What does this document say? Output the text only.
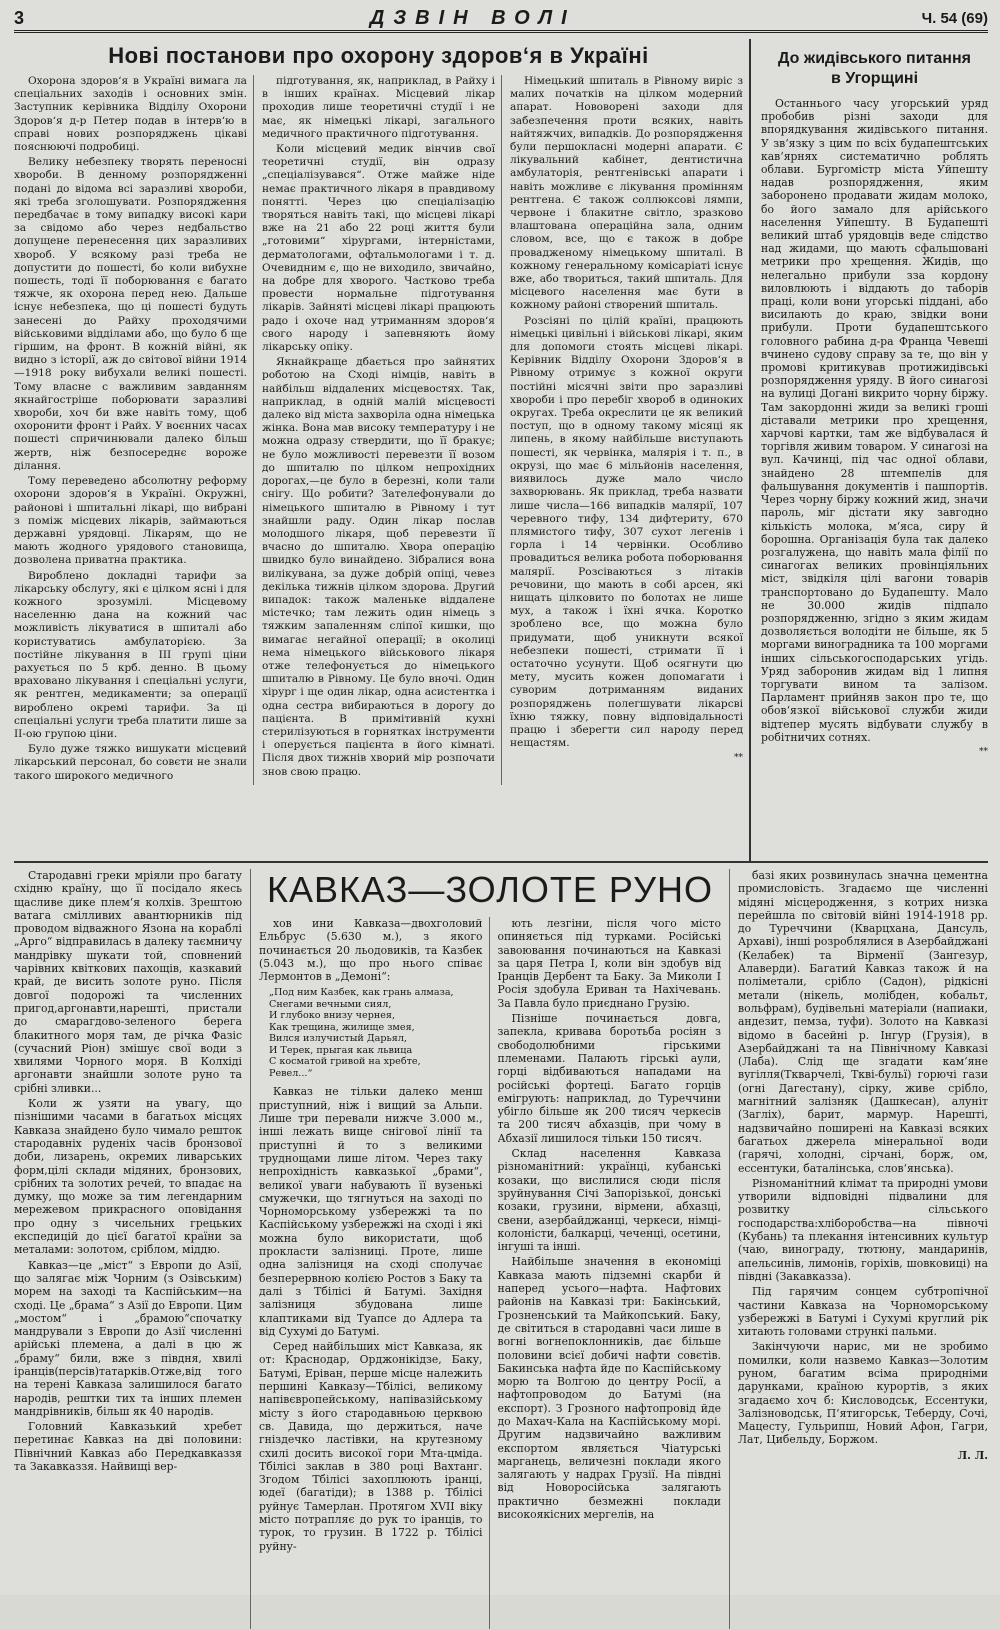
3	ДЗВІН ВОЛІ	Ч. 54 (69)
Нові постанови про охорону здоров‘я в Україні

Охорона здоров‘я в Україні вимага ла спеціальних заходів і основних змін. Заступник керівника Відділу Охорони Здоров‘я д-р Петер подав в інтерв‘ю в справі нових розпоряджень цікаві пояснюючі подробиці.

Велику небезпеку творять переносні хвороби. В денному розпорядженні подані до відома всі заразливі хвороби, які треба зголошувати. Розпорядження передбачає в тому випадку високі кари за свідомо або через недбальство допущене перенесення цих заразливих хвороб. У всякому разі треба не допустити до пошесті, бо коли вибухне пошесть, тоді її поборювання є багато тяжче, як охорона перед нею. Дальше існує небезпека, що ці пошесті будуть занесені до Райху проходячими військовими відділами або, що було б ще гіршим, на фронт. В кожній війні, як видно з історії, аж до світової війни 1914—1918 року вибухали великі пошесті. Тому власне с важливим завданням якнайгостріше поборювати заразливі хвороби, хоч би вже навіть тому, щоб охоронити фронт і Райх. У воєнних часах пошесті спричинювали далеко більш жертв, ніж безпосереднє вороже ділання.

Тому переведено абсолютну реформу охорони здоров‘я в Україні. Окружні, районові і шпитальні лікарі, що вибрані з поміж місцевих лікарів, займаються державні урядовці. Лікарям, що не мають жодного урядового становища, дозволена приватна практика.

Вироблено докладні тарифи за лікарську обслугу, які є цілком ясні і для кожного зрозумілі. Місцевому населенню дана на кожний час можливість лікуватися в шпиталі або користуватись амбулаторією. За постійне лікування в III групі ціни рахується по 5 крб. денно. В цьому враховано лікування і спеціальні услуги, як рентген, медикаменти; за операції вироблено окремі тарифи. За ці спеціальні услуги треба платити лише за II-ою групою ціни.

Було дуже тяжко вишукати місцевий лікарський персонал, бо совєти не знали такого широкого медичного

підготування, як, наприклад, в Райху і в інших країнах. Місцевий лікар проходив лише теоретичні студії і не має, як німецькі лікарі, загального медичного практичного підготування.

Коли місцевий медик вінчив свої теоретичні студії, він одразу „спеціалізувався“. Отже майже ніде немає практичного лікаря в правдивому понятті. Через цю спеціалізацію творяться навіть такі, що місцеві лікарі вже на 21 або 22 році життя були „готовими“ хірургами, інтерністами, дерматологами, офтальмологами і т. д. Очевидним є, що не виходило, звичайно, на добре для хворого. Частково треба провести нормальне підготування лікарів. Зайняті місцеві лікарі працюють радо і охоче над утриманням здоров‘я свого народу і запевняють йому лікарську опіку.

Якнайкраще дбається про зайнятих роботою на Сході німців, навіть в найбільш віддалених місцевостях. Так, наприклад, в одній малій місцевості далеко від міста захворіла одна німецька жінка. Вона мав високу температуру і не можна одразу ствердити, що її бракує; не було можливості перевезти її возом до шпиталю по цілком непрохідних дорогах,—це було в березні, коли тали снігу. Що робити? Зателефонували до німецького шпиталю в Рівному і тут знайшли раду. Один лікар послав молодшого лікаря, щоб перевезти її вчасно до шпиталю. Хвора операцію швидко було винайдено. Зібралися вона вилікувана, за дуже добрій опіці, чевез декілька тижнів цілком здорова. Другий випадок: також маленьке віддалене містечко; там лежить один німець з тяжким запаленням сліпої кишки, що вимагає негайної операції; в околиці нема німецького військового лікаря отже телефонується до німецького шпиталю в Рівному. Це було вночі. Один хірург і ще один лікар, одна асистентка і одна сестра вибираються в дорогу до пацієнта. В примітивній кухні стерилізуються в горнятках інструменти і оперується пацієнта в його кімнаті. Після двох тижнів хворий мір розпочати знов свою працю.

Німецький шпиталь в Рівному виріс з малих початків на цілком модерний апарат. Нововорені заходи для забезпечення проти всяких, навіть найтяжчих, випадків. До розпорядження були першокласні модерні апарати. Є лікувальний кабінет, дентистична амбулаторія, рентгенівські апарати і навіть можливе є лікування промінням рентгена. Є також соллюксові лямпи, червоне і блакитне світло, зразково влаштована операційна зала, одним словом, все, що є також в добре провадженому німецькому шпиталі. В кожному генеральному комісаріаті існує вже, або твориться, такий шпиталь. Для місцевого населення має бути в кожному районі створений шпиталь.

Розсіяні по цілій країні, працюють німецькі цивільні і військові лікарі, яким для допомоги стоять місцеві лікарі. Керівник Відділу Охорони Здоров‘я в Рівному отримує з кожної округи постійні місячні звіти про заразливі хвороби і про перебіг хвороб в одиноких округах. Треба окреслити це як великий поступ, що в одному такому місяці як липень, в якому найбільше виступають пошесті, як червінка, малярія і т. п., в окрузі, що має 6 мільйонів населення, виявилось дуже мало число захворювань. Як приклад, треба назвати лише числа—166 випадків малярії, 107 черевного тифу, 134 дифтериту, 670 плямистого тифу, 307 сухот легенів і горла і 14 червінки. Особливо провадиться велика робота поборювання малярії. Розсіваються з літаків речовини, що мають в собі арсен, які нищать цілковито по болотах не лише мух, а також і їхні ячка. Коротко зроблено все, що можна було придумати, щоб уникнути всякої небезпеки пошесті, стримати її і остаточно усунути. Щоб осягнути цю мету, мусить кожен допомагати і суворим дотриманням виданих розпоряджень полегшувати лікарсві їхню тяжку, повну відповідальності працю і зберегти сил народу перед нещастям.

**
До жидівського питання
в Угорщині

Останнього часу угорський уряд пробобив різні заходи для впорядкування жидівського питання. У зв‘язку з цим по всіх будапештських кав‘ярнях систематично роблять облави. Бургомістр міста Уйпешту надав розпорядження, яким заборонено продавати жидам молоко, бо його замало для арійського населення Уйпешту. В Будапешті великий штаб урядовців веде слідство над жидами, що мають сфальшовані метрики про хрещення. Жидів, що нелегально прибули зза кордону виловлюють і віддають до таборів праці, коли вони угорські піддані, або висилають до краю, звідки вони прибули. Проти будапештського головного рабина д-ра Франца Чевеші вчинено судову справу за те, що він у промові критикував протижидівські розпорядження уряду. В його синагозі на вулиці Догані викрито чорну біржу. Там закордонні жиди за великі гроші діставали метрики про хрещення, харчові картки, там же відбувалася й торгівля живим товаром. У синагозі на вул. Качинці, під час одної облави, знайдено 28 штемпелів для фальшування документів і пашпортів. Через чорну біржу кожний жид, значи пароль, міг дістати яку завгодно кількість молока, м‘яса, сиру й борошна. Організація була так далеко розгалужена, що навіть мала філії по синагогах великих провінціяльних міст, звідкіля цілі вагони товарів транспортовано до Будапешту. Мало не 30.000 жидів підпало розпорядженню, згідно з яким жидам дозволяється володіти не більше, як 5 моргами виноградника та 100 моргами інших сільськогосподарських угідь. Уряд заборонив жидам від 1 липня торгувати вином та залізом. Парламент прийняв закон про те, що обов‘язкої військової служби жиди відтепер мусять відбувати службу в робітничих сотнях.

**

Стародавні греки мріяли про багату східню країну, що її посідало якесь щасливе дике плем‘я колхів. Зрештою ватага смілливих авантюрників під проводом відважного Язона на кораблі „Арго“ відправилась в далеку таємничу мандрівку шукати той, сповнений чарівних квіткових пахощів, казкавий край, де висить золоте руно. Після довгої подорожі та численних пригод,аргонавти,нарешті, пристали до смарагдово-зеленого берега блакитного моря там, де річка Фазіс (сучасний Ріон) змішує свої води з хвилями Чорного моря. В Колхіді аргонавти знайшли золоте руно та срібні зливки...

Коли ж узяти на увагу, що пізнішими часами в багатьох місцях Кавказа знайдено було чимало решток стародавніх руденіх часів бронзової доби, лизарень, окремих ливарських форм,цілі склади мідяних, бронзових, срібних та золотих речей, то впадає на думку, що може за тим легендарним мережевом прикрасного оповідання про одну з чисельних грецьких експедицій до цієї багатої країни за металами: золотом, сріблом, міддю.

Кавказ—це „міст“ з Европи до Азії, що залягає між Чорним (з Озівським) морем на заході та Каспійським—на сході. Це „брама“ з Азії до Европи. Цим „мостом“ і „брамою“спочатку мандрували з Европи до Азії численні арійські племена, а далі в цю ж „браму“ били, вже з півдня, хвилі іранців(персів)татарків.Отже,від того на терені Кавказа залишилося багато народів, рештки тих та інших племен мандрівників, більш як 40 народів.

Головний Кавказький хребет перетинає Кавказ на дві половини: Північний Кавказ або Передкавказзя та Закавказзя. Найвищі вер-

КАВКАЗ—ЗОЛОТЕ РУНО

хов ини Кавказа—двохголовий Ельбрус (5.630 м.), з якого починається 20 льодовиків, та Казбек (5.043 м.), що про нього співає Лермонтов в „Демоні“:

„Под ним Казбек, как грань алмаза,
Снегами вечными сиял,
И глубоко внизу чернея,
Как трещина, жилище змея,
Вился излучистый Дарьял,
И Терек, прыгая как львица
С косматой гривой на хребте,
Ревел...“

Кавказ не тільки далеко менш приступний, ніж і вищий за Альпи. Лише три перевали нижче 3.000 м., інші лежать вище снігової лінії та приступні й то з великими труднощами лише літом. Через таку непрохідність кавказької „брами“, великої уваги набувають її вузенькі смужечки, що тягнуться на заході по Чорноморському узбережжі та по Каспійському узбережжі на сході і які можна було використати, щоб прокласти залізниці. Проте, лише одна залізниця на сході сполучає безперервною колією Ростов з Баку та далі з Тбілісі й Батумі. Західня залізниця збудована лише клаптиками від Туапсе до Адлера та від Сухумі до Батумі.

Серед найбільших міст Кавказа, як от: Краснодар, Орджонікідзе, Баку, Батумі, Еріван, перше місце належить першині Кавказу—Тбілісі, великому напівєвропейському, напівазійському місту з його стародавньою церквою св. Давида, що держиться, наче гніздечко ластівки, на крутезному схилі досить високої гори Мта-цміда. Тбілісі заклав в 380 році Вахтанг. Згодом Тбілісі захоплюють іранці, юдеї (багатіди); в 1388 р. Тбілісі руйнує Тамерлан. Протягом XVII віку місто потрапляє до рук то іранців, то турок, то грузин. В 1722 р. Тбілісі руйну-

ють лезгіни, після чого місто опиняється під турками. Російські завоювання починаються на Кавказі за царя Петра І, коли він здобув від Іранців Дербент та Баку. За Миколи І Росія здобула Ериван та Нахічевань. За Павла було приєднано Грузію.

Пізніше починається довга, запекла, кривава боротьба росіян з свободолюбними гірськими племенами. Палають гірські аули, горці відбиваються нападами на російські фортеці. Багато горців емігрують: наприклад, до Туреччини убігло більше як 200 тисяч черкесів та 200 тисяч абхазців, при чому в Абхазії лишилося тільки 150 тисяч.

Склад населення Кавказа різноманітний: українці, кубанські козаки, що вислилися сюди після зруйнування Січі Запорізької, донські козаки, грузини, вірмени, абхазці, свени, азербайджанці, черкеси, німці-колоністи, балкарці, чеченці, осетини, інгуші та інші.

Найбільше значення в економіці Кавказа мають підземні скарби й наперед усього—нафта. Нафтових районів на Кавказі три: Бакінський, Грозненський та Майкопський. Баку, де світиться в стародавні часи лише в вогні вогнепоклонників, дає більше половини всієї добичі нафти совєтів. Бакинська нафта йде по Каспійському морю та Волгою до центру Росії, а нафтопроводом до Батумі (на експорт). З Грозного нафтопровід йде до Махач-Кала на Каспійському морі. Другим надзвичайно важливим експортом являється Чіатурські марганець, величезні поклади якого залягають у надрах Грузії. На півдні від Новоросійська залягають практично безмежні поклади високоякісних мергелів, на

базі яких розвинулась значна цементна промисловість. Згадаємо ще численні мідяні місцеродження, з котрих низка перейшла по світовій війні 1914-1918 рр. до Туреччини (Кварцхана, Дансуль, Архаві), інші розроблялися в Азербайджані (Келабек) та Вірменії (Зангезур, Алаверди). Багатий Кавказ також й на поліметали, срібло (Садон), рідкісні метали (нікель, молібден, кобальт, вольфрам), будівельні матеріали (напиаки, андезит, пемза, туфи). Золото на Кавказі відомо в басейні р. Інгур (Грузія), в Азербайджані та на Північному Кавказі (Лаба). Слід ще згадати кам‘яне вугілля(Ткварчелі, Ткві-бульї) горючі гази (огні Дагестану), сірку, живе срібло, магнітний залізняк (Дашкесан), алуніт (Загліх), барит, мармур. Нарешті, надзвичайно поширені на Кавказі всяких багатьох джерела мінеральної води (гарячі, холодні, сірчані, борж, ом, ессентуки, баталінська, слов‘янська).

Різноманітний клімат та природні умови утворили відповідні підвалини для розвитку сільського господарства:хліборобства—на півночі (Кубань) та плекання інтенсивних культур (чаю, винограду, тютюну, мандаринів, апельсинів, лимонів, горіхів, шовковиці) на півдні (Закавказза).

Під гарячим сонцем субтропічної частини Кавказа на Чорноморському узбережжі в Батумі і Сухумі круглий рік хитають головами стрункі пальми.

Закінчуючи нарис, ми не зробимо помилки, коли назвемо Кавказ—Золотим руном, багатим всіма природніми дарунками, країною курортів, з яких згадаємо хоч б: Кисловодськ, Ессентуки, Залізноводськ, П‘ятигорськ, Теберду, Сочі, Мацесту, Гульрипш, Новий Афон, Гагри, Лат, Цибельду, Боржом.

Л. Л.
